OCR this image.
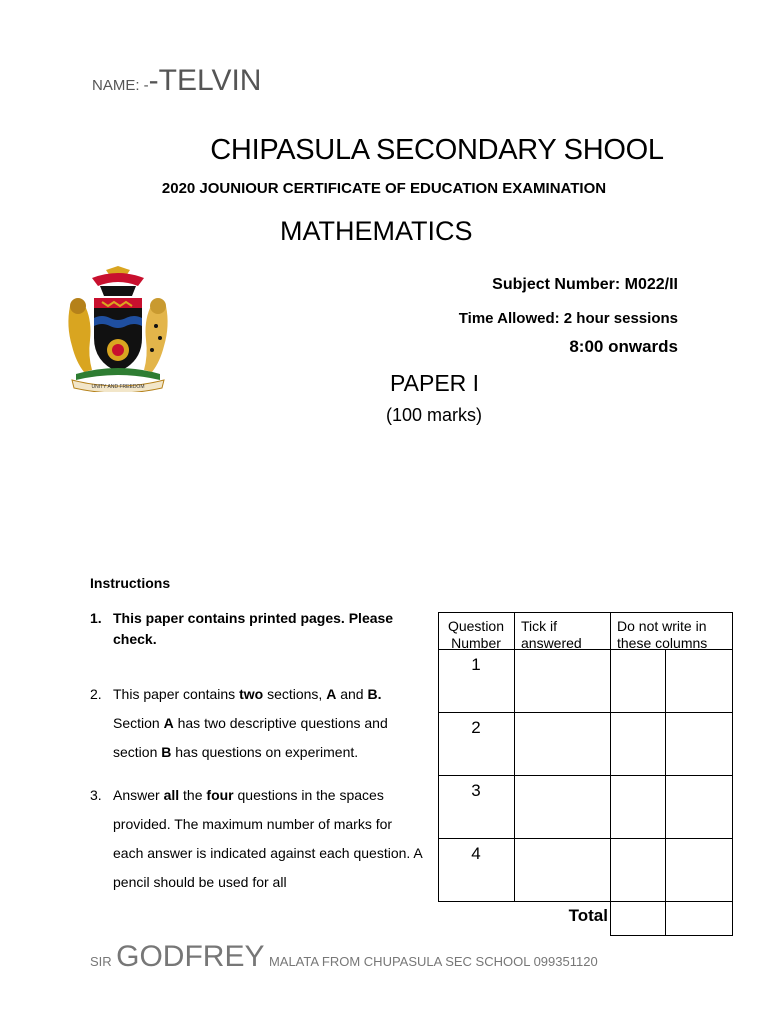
NAME: --TELVIN
CHIPASULA SECONDARY SHOOL
2020 JOUNIOUR CERTIFICATE OF EDUCATION EXAMINATION
MATHEMATICS
UNITY AND FREEDOM
Subject Number: M022/II
Time Allowed: 2 hour sessions
8:00 onwards
PAPER I
(100 marks)
Instructions
1. This paper contains printed pages. Please check.
2. This paper contains two sections, A and B. Section A has two descriptive questions and section B has questions on experiment.
3. Answer all the four questions in the spaces provided. The maximum number of marks for each answer is indicated against each question. A pencil should be used for all
Question
Number
Tick if
answered
Do not write in
these columns
1
2
3
4
Total
SIR GODFREY MALATA FROM CHUPASULA SEC SCHOOL 099351120
